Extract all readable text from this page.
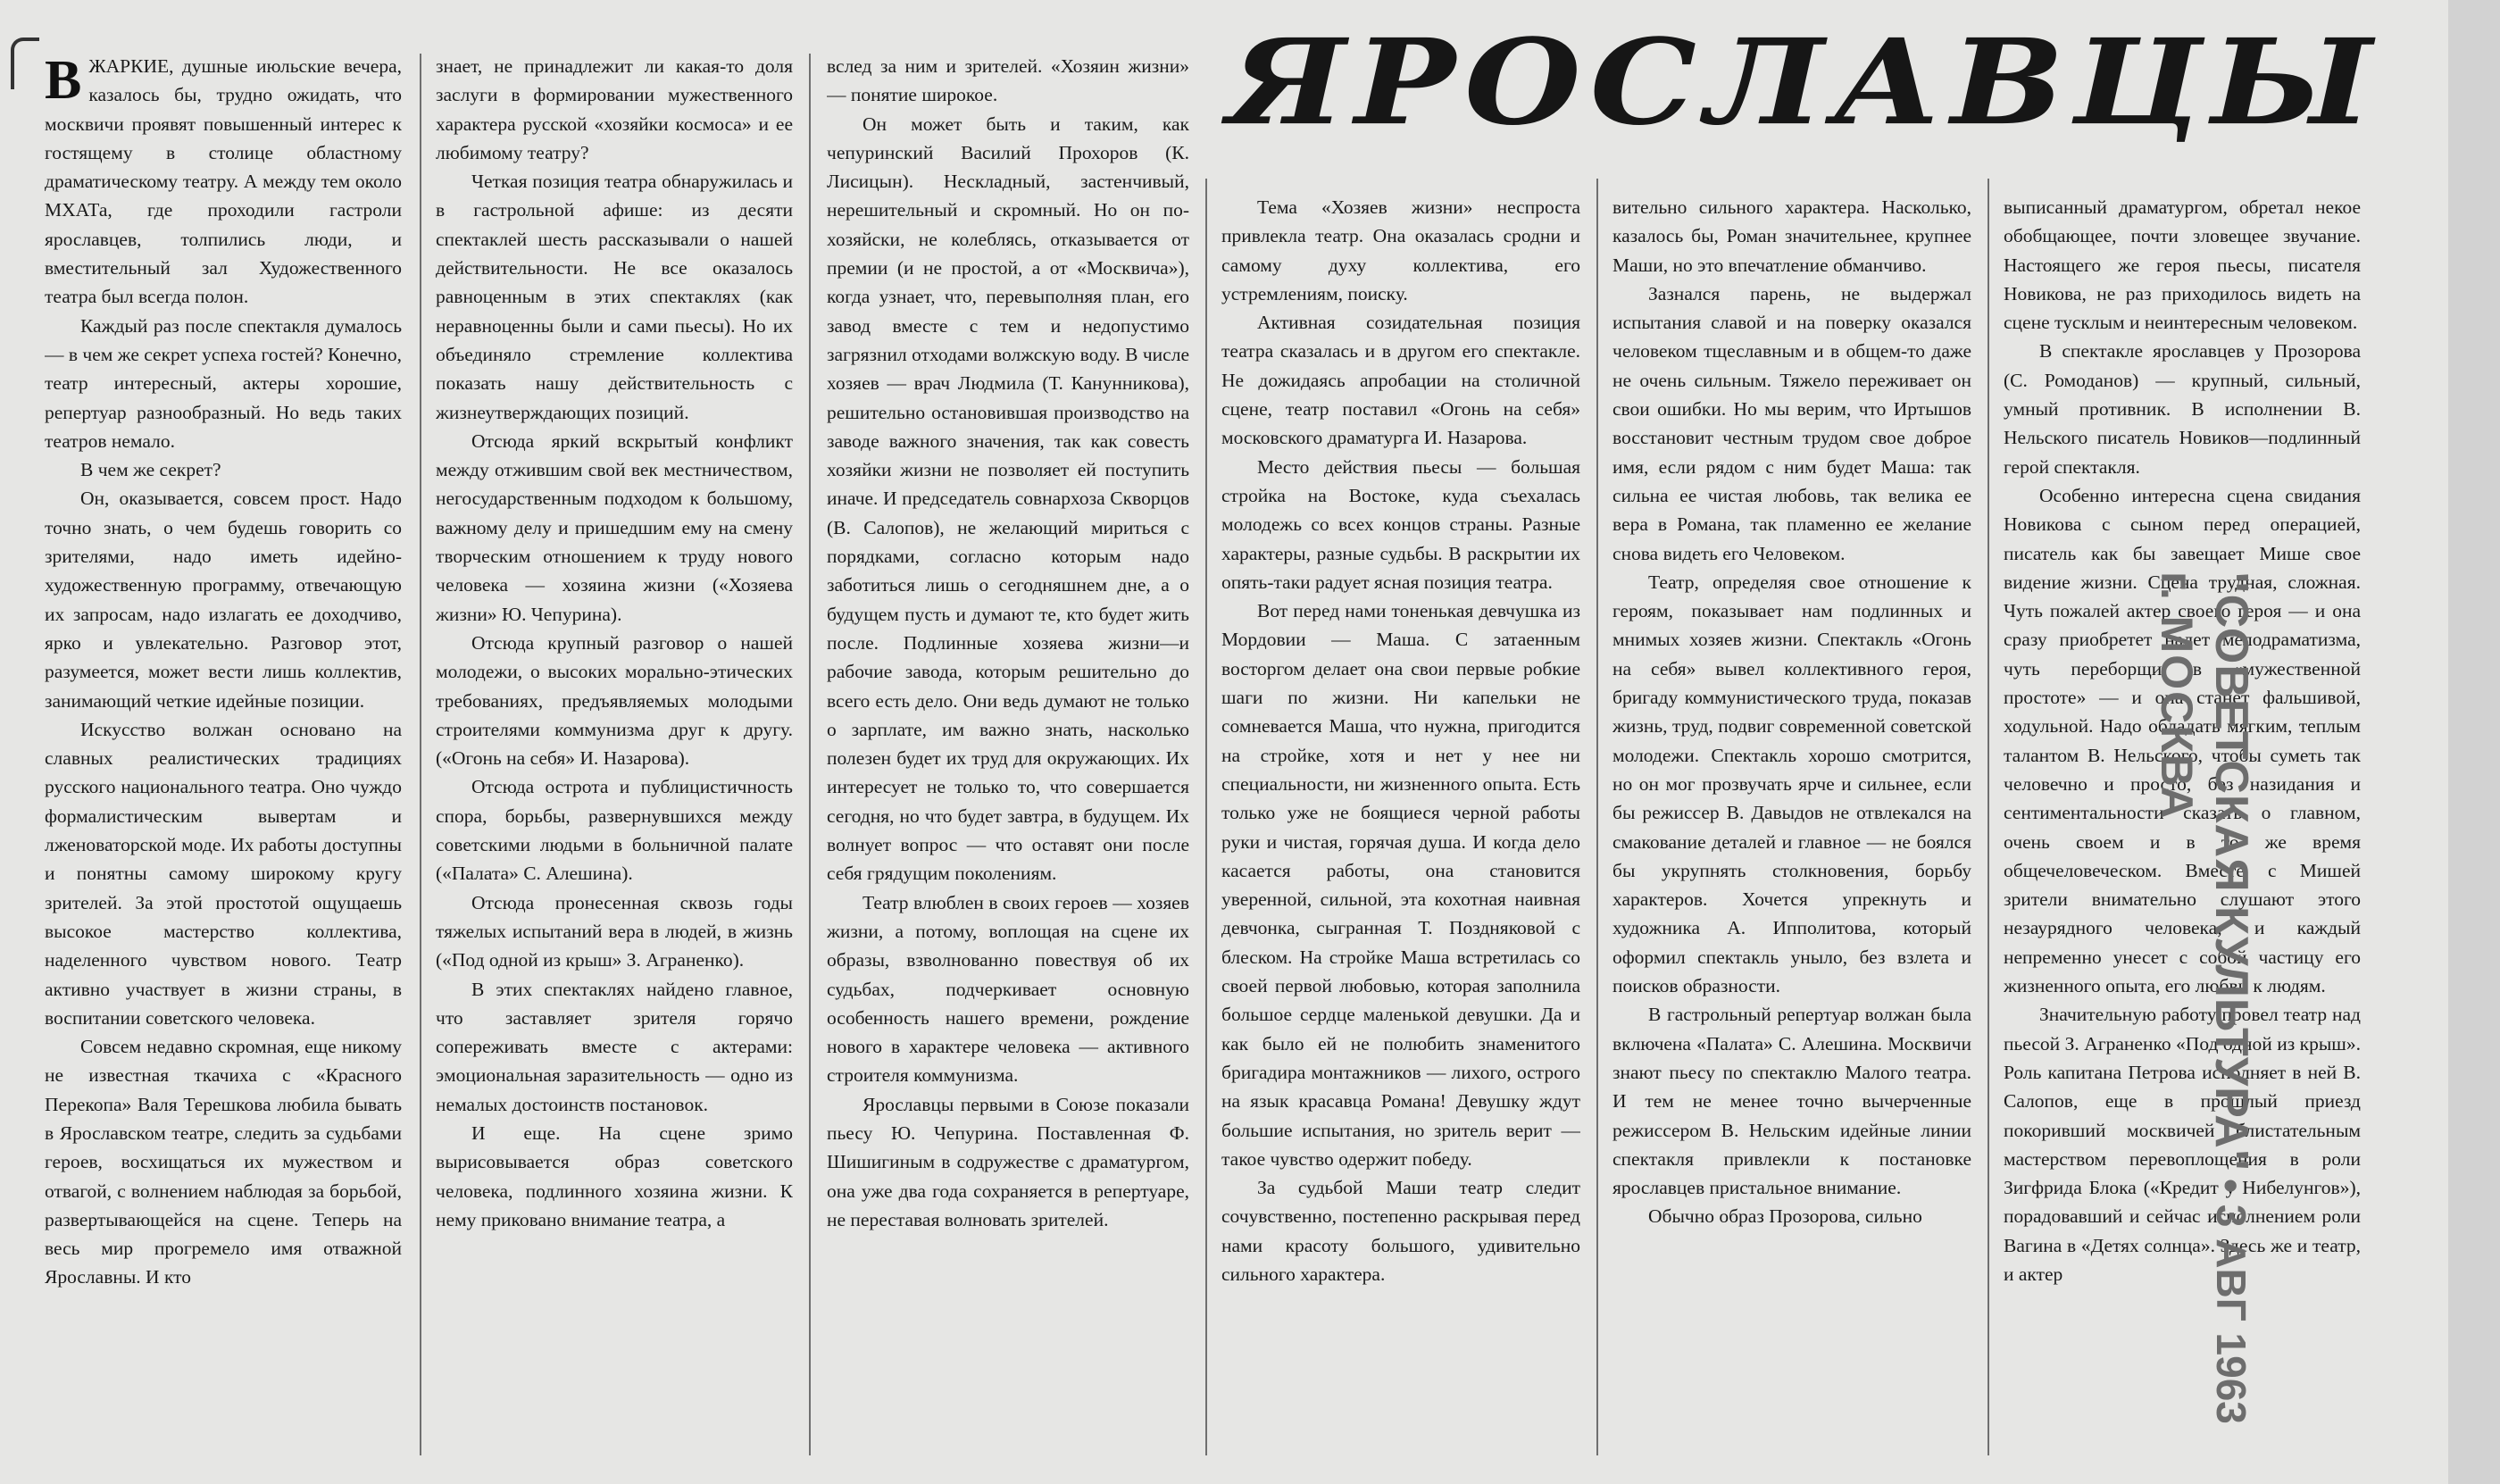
В ЖАРКИЕ, душные июльские вечера, казалось бы, трудно ожидать, что москвичи проявят повышенный интерес к гостящему в столице областному драматическому театру. А между тем около МХАТа, где проходили гастроли ярославцев, толпились люди, и вместительный зал Художественного театра был всегда полон.

Каждый раз после спектакля думалось — в чем же секрет успеха гостей? Конечно, театр интересный, актеры хорошие, репертуар разнообразный. Но ведь таких театров немало.

В чем же секрет?

Он, оказывается, совсем прост. Надо точно знать, о чем будешь говорить со зрителями, надо иметь идейно-художественную программу, отвечающую их запросам, надо излагать ее доходчиво, ярко и увлекательно. Разговор этот, разумеется, может вести лишь коллектив, занимающий четкие идейные позиции.

Искусство волжан основано на славных реалистических традициях русского национального театра. Оно чуждо формалистическим вывертам и лженоваторской моде. Их работы доступны и понятны самому широкому кругу зрителей. За этой простотой ощущаешь высокое мастерство коллектива, наделенного чувством нового. Театр активно участвует в жизни страны, в воспитании советского человека.

Совсем недавно скромная, еще никому не известная ткачиха с «Красного Перекопа» Валя Терешкова любила бывать в Ярославском театре, следить за судьбами героев, восхищаться их мужеством и отвагой, с волнением наблюдая за борьбой, развертывающейся на сцене. Теперь на весь мир прогремело имя отважной Ярославны. И кто

знает, не принадлежит ли какая-то доля заслуги в формировании мужественного характера русской «хозяйки космоса» и ее любимому театру?

Четкая позиция театра обнаружилась и в гастрольной афише: из десяти спектаклей шесть рассказывали о нашей действительности. Не все оказалось равноценным в этих спектаклях (как неравноценны были и сами пьесы). Но их объединяло стремление коллектива показать нашу действительность с жизнеутверждающих позиций.

Отсюда яркий вскрытый конфликт между отжившим свой век местничеством, негосударственным подходом к большому, важному делу и пришедшим ему на смену творческим отношением к труду нового человека — хозяина жизни («Хозяева жизни» Ю. Чепурина).

Отсюда крупный разговор о нашей молодежи, о высоких морально-этических требованиях, предъявляемых молодыми строителями коммунизма друг к другу. («Огонь на себя» И. Назарова).

Отсюда острота и публицистичность спора, борьбы, развернувшихся между советскими людьми в больничной палате («Палата» С. Алешина).

Отсюда пронесенная сквозь годы тяжелых испытаний вера в людей, в жизнь («Под одной из крыш» З. Аграненко).

В этих спектаклях найдено главное, что заставляет зрителя горячо сопереживать вместе с актерами: эмоциональная заразительность — одно из немалых достоинств постановок.

И еще. На сцене зримо вырисовывается образ советского человека, подлинного хозяина жизни. К нему приковано внимание театра, а

вслед за ним и зрителей. «Хозяин жизни» — понятие широкое.

Он может быть и таким, как чепуринский Василий Прохоров (К. Лисицын). Нескладный, застенчивый, нерешительный и скромный. Но он по-хозяйски, не колеблясь, отказывается от премии (и не простой, а от «Москвича»), когда узнает, что, перевыполняя план, его завод вместе с тем и недопустимо загрязнил отходами волжскую воду. В числе хозяев — врач Людмила (Т. Канунникова), решительно остановившая производство на заводе важного значения, так как совесть хозяйки жизни не позволяет ей поступить иначе. И председатель совнархоза Скворцов (В. Салопов), не желающий мириться с порядками, согласно которым надо заботиться лишь о сегодняшнем дне, а о будущем пусть и думают те, кто будет жить после. Подлинные хозяева жизни—и рабочие завода, которым решительно до всего есть дело. Они ведь думают не только о зарплате, им важно знать, насколько полезен будет их труд для окружающих. Их интересует не только то, что совершается сегодня, но что будет завтра, в будущем. Их волнует вопрос — что оставят они после себя грядущим поколениям.

Театр влюблен в своих героев — хозяев жизни, а потому, воплощая на сцене их образы, взволнованно повествуя об их судьбах, подчеркивает основную особенность нашего времени, рождение нового в характере человека — активного строителя коммунизма.

Ярославцы первыми в Союзе показали пьесу Ю. Чепурина. Поставленная Ф. Шишигиным в содружестве с драматургом, она уже два года сохраняется в репертуаре, не переставая волновать зрителей.

ЯРОСЛАВЦЫ

Тема «Хозяев жизни» неспроста привлекла театр. Она оказалась сродни и самому духу коллектива, его устремлениям, поиску.

Активная созидательная позиция театра сказалась и в другом его спектакле. Не дожидаясь апробации на столичной сцене, театр поставил «Огонь на себя» московского драматурга И. Назарова.

Место действия пьесы — большая стройка на Востоке, куда съехалась молодежь со всех концов страны. Разные характеры, разные судьбы. В раскрытии их опять-таки радует ясная позиция театра.

Вот перед нами тоненькая девчушка из Мордовии — Маша. С затаенным восторгом делает она свои первые робкие шаги по жизни. Ни капельки не сомневается Маша, что нужна, пригодится на стройке, хотя и нет у нее ни специальности, ни жизненного опыта. Есть только уже не боящиеся черной работы руки и чистая, горячая душа. И когда дело касается работы, она становится уверенной, сильной, эта кохотная наивная девчонка, сыгранная Т. Поздняковой с блеском. На стройке Маша встретилась со своей первой любовью, которая заполнила большое сердце маленькой девушки. Да и как было ей не полюбить знаменитого бригадира монтажников — лихого, острого на язык красавца Романа! Девушку ждут большие испытания, но зритель верит — такое чувство одержит победу.

За судьбой Маши театр следит сочувственно, постепенно раскрывая перед нами красоту большого, удивительно сильного характера.

вительно сильного характера. Насколько, казалось бы, Роман значительнее, крупнее Маши, но это впечатление обманчиво.

Зазнался парень, не выдержал испытания славой и на поверку оказался человеком тщеславным и в общем-то даже не очень сильным. Тяжело переживает он свои ошибки. Но мы верим, что Иртышов восстановит честным трудом свое доброе имя, если рядом с ним будет Маша: так сильна ее чистая любовь, так велика ее вера в Романа, так пламенно ее желание снова видеть его Человеком.

Театр, определяя свое отношение к героям, показывает нам подлинных и мнимых хозяев жизни. Спектакль «Огонь на себя» вывел коллективного героя, бригаду коммунистического труда, показав жизнь, труд, подвиг современной советской молодежи. Спектакль хорошо смотрится, но он мог прозвучать ярче и сильнее, если бы режиссер В. Давыдов не отвлекался на смакование деталей и главное — не боялся бы укрупнять столкновения, борьбу характеров. Хочется упрекнуть и художника А. Ипполитова, который оформил спектакль уныло, без взлета и поисков образности.

В гастрольный репертуар волжан была включена «Палата» С. Алешина. Москвичи знают пьесу по спектаклю Малого театра. И тем не менее точно вычерченные режиссером В. Нельским идейные линии спектакля привлекли к постановке ярославцев пристальное внимание.

Обычно образ Прозорова, сильно

выписанный драматургом, обретал некое обобщающее, почти зловещее звучание. Настоящего же героя пьесы, писателя Новикова, не раз приходилось видеть на сцене тусклым и неинтересным человеком.

В спектакле ярославцев у Прозорова (С. Ромоданов) — крупный, сильный, умный противник. В исполнении В. Нельского писатель Новиков—подлинный герой спектакля.

Особенно интересна сцена свидания Новикова с сыном перед операцией, писатель как бы завещает Мише свое видение жизни. Сцена трудная, сложная. Чуть пожалей актер своего героя — и она сразу приобретет налет мелодраматизма, чуть переборщи в «мужественной простоте» — и она станет фальшивой, ходульной. Надо обладать мягким, теплым талантом В. Нельского, чтобы суметь так человечно и просто, без назидания и сентиментальности сказать о главном, очень своем и в то же время общечеловеческом. Вместе с Мишей зрители внимательно слушают этого незаурядного человека, и каждый непременно унесет с собой частицу его жизненного опыта, его любви к людям.

Значительную работу провел театр над пьесой З. Аграненко «Под одной из крыш». Роль капитана Петрова исполняет в ней В. Салопов, еще в прошлый приезд покоривший москвичей блистательным мастерством перевоплощения в роли Зигфрида Блока («Кредит у Нибелунгов»), порадовавший и сейчас исполнением роли Вагина в «Детях солнца». Здесь же и театр, и актер

"СОВЕТСКАЯ КУЛЬТУРА"
г. МОСКВА
• 3 АВГ 1963
